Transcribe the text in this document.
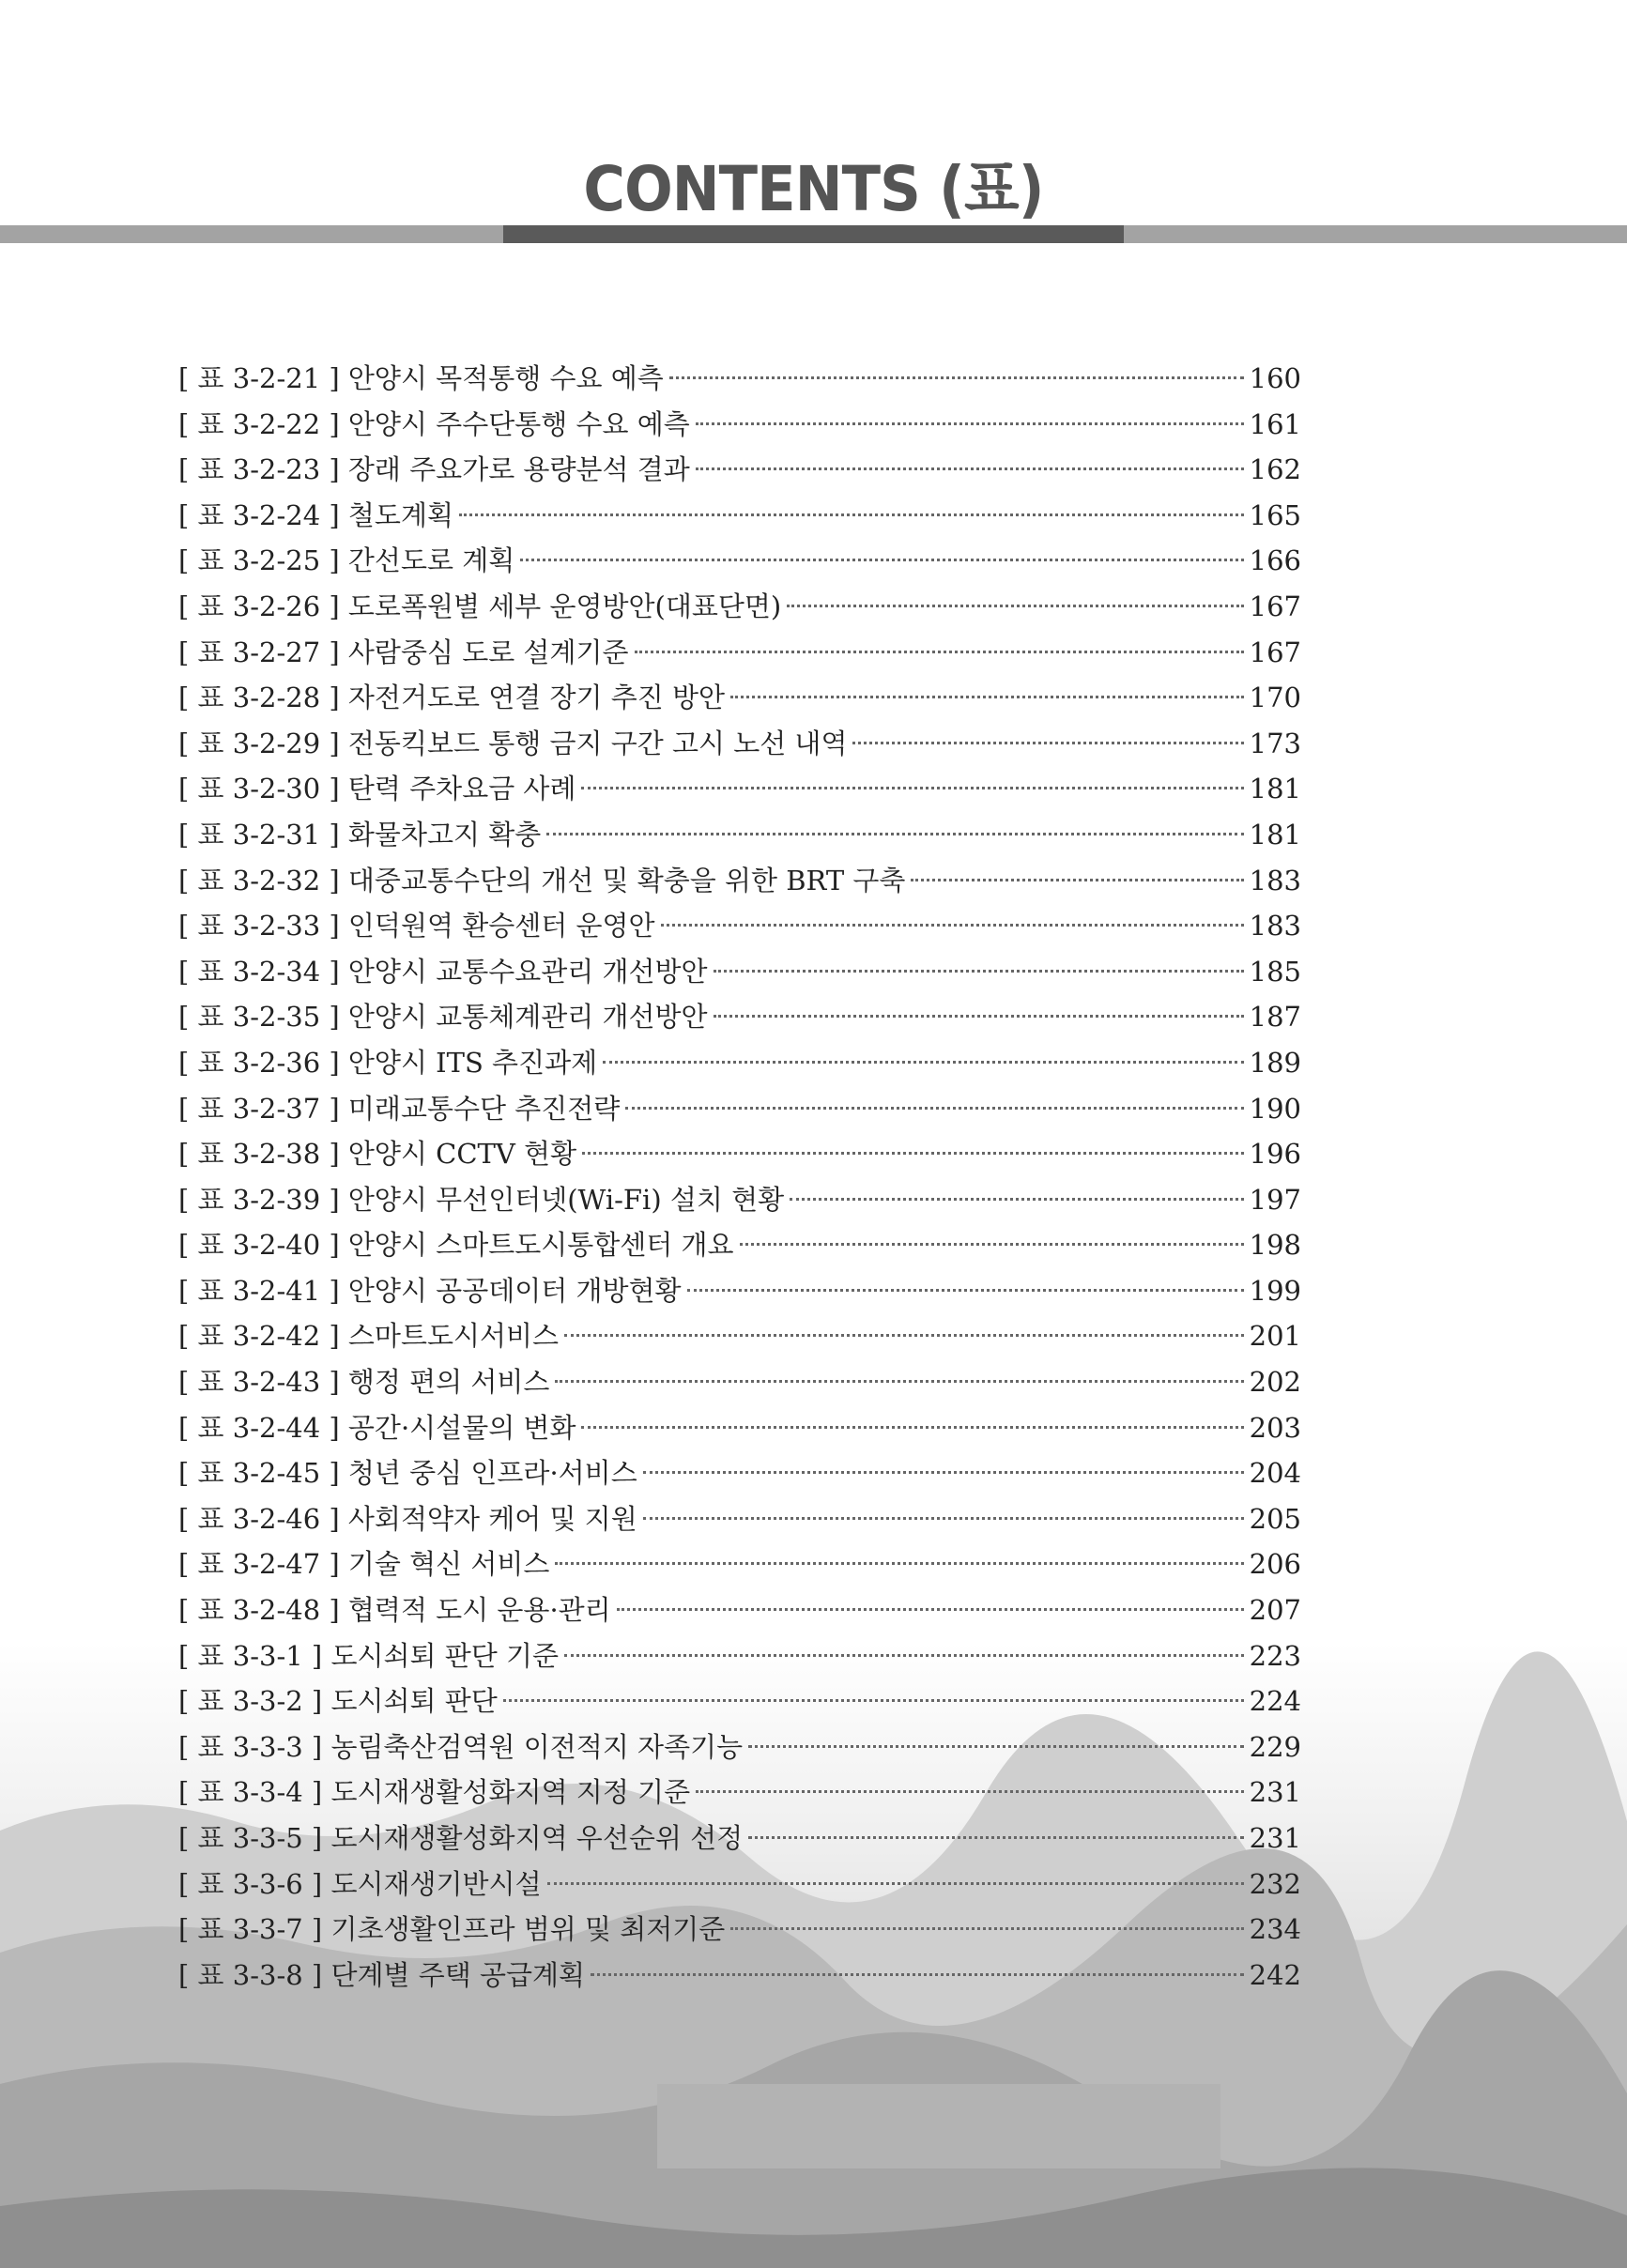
CONTENTS (표)
[ 표 3-2-21 ] 안양시 목적통행 수요 예측	160
[ 표 3-2-22 ] 안양시 주수단통행 수요 예측	161
[ 표 3-2-23 ] 장래 주요가로 용량분석 결과	162
[ 표 3-2-24 ] 철도계획	165
[ 표 3-2-25 ] 간선도로 계획	166
[ 표 3-2-26 ] 도로폭원별 세부 운영방안(대표단면)	167
[ 표 3-2-27 ] 사람중심 도로 설계기준	167
[ 표 3-2-28 ] 자전거도로 연결 장기 추진 방안	170
[ 표 3-2-29 ] 전동킥보드 통행 금지 구간 고시 노선 내역	173
[ 표 3-2-30 ] 탄력 주차요금 사례	181
[ 표 3-2-31 ] 화물차고지 확충	181
[ 표 3-2-32 ] 대중교통수단의 개선 및 확충을 위한 BRT 구축	183
[ 표 3-2-33 ] 인덕원역 환승센터 운영안	183
[ 표 3-2-34 ] 안양시 교통수요관리 개선방안	185
[ 표 3-2-35 ] 안양시 교통체계관리 개선방안	187
[ 표 3-2-36 ] 안양시 ITS 추진과제	189
[ 표 3-2-37 ] 미래교통수단 추진전략	190
[ 표 3-2-38 ] 안양시 CCTV 현황	196
[ 표 3-2-39 ] 안양시 무선인터넷(Wi-Fi) 설치 현황	197
[ 표 3-2-40 ] 안양시 스마트도시통합센터 개요	198
[ 표 3-2-41 ] 안양시 공공데이터 개방현황	199
[ 표 3-2-42 ] 스마트도시서비스	201
[ 표 3-2-43 ] 행정 편의 서비스	202
[ 표 3-2-44 ] 공간·시설물의 변화	203
[ 표 3-2-45 ] 청년 중심 인프라·서비스	204
[ 표 3-2-46 ] 사회적약자 케어 및 지원	205
[ 표 3-2-47 ] 기술 혁신 서비스	206
[ 표 3-2-48 ] 협력적 도시 운용·관리	207
[ 표 3-3-1 ] 도시쇠퇴 판단 기준	223
[ 표 3-3-2 ] 도시쇠퇴 판단	224
[ 표 3-3-3 ] 농림축산검역원 이전적지 자족기능	229
[ 표 3-3-4 ] 도시재생활성화지역 지정 기준	231
[ 표 3-3-5 ] 도시재생활성화지역 우선순위 선정	231
[ 표 3-3-6 ] 도시재생기반시설	232
[ 표 3-3-7 ] 기초생활인프라 범위 및 최저기준	234
[ 표 3-3-8 ] 단계별 주택 공급계획	242
